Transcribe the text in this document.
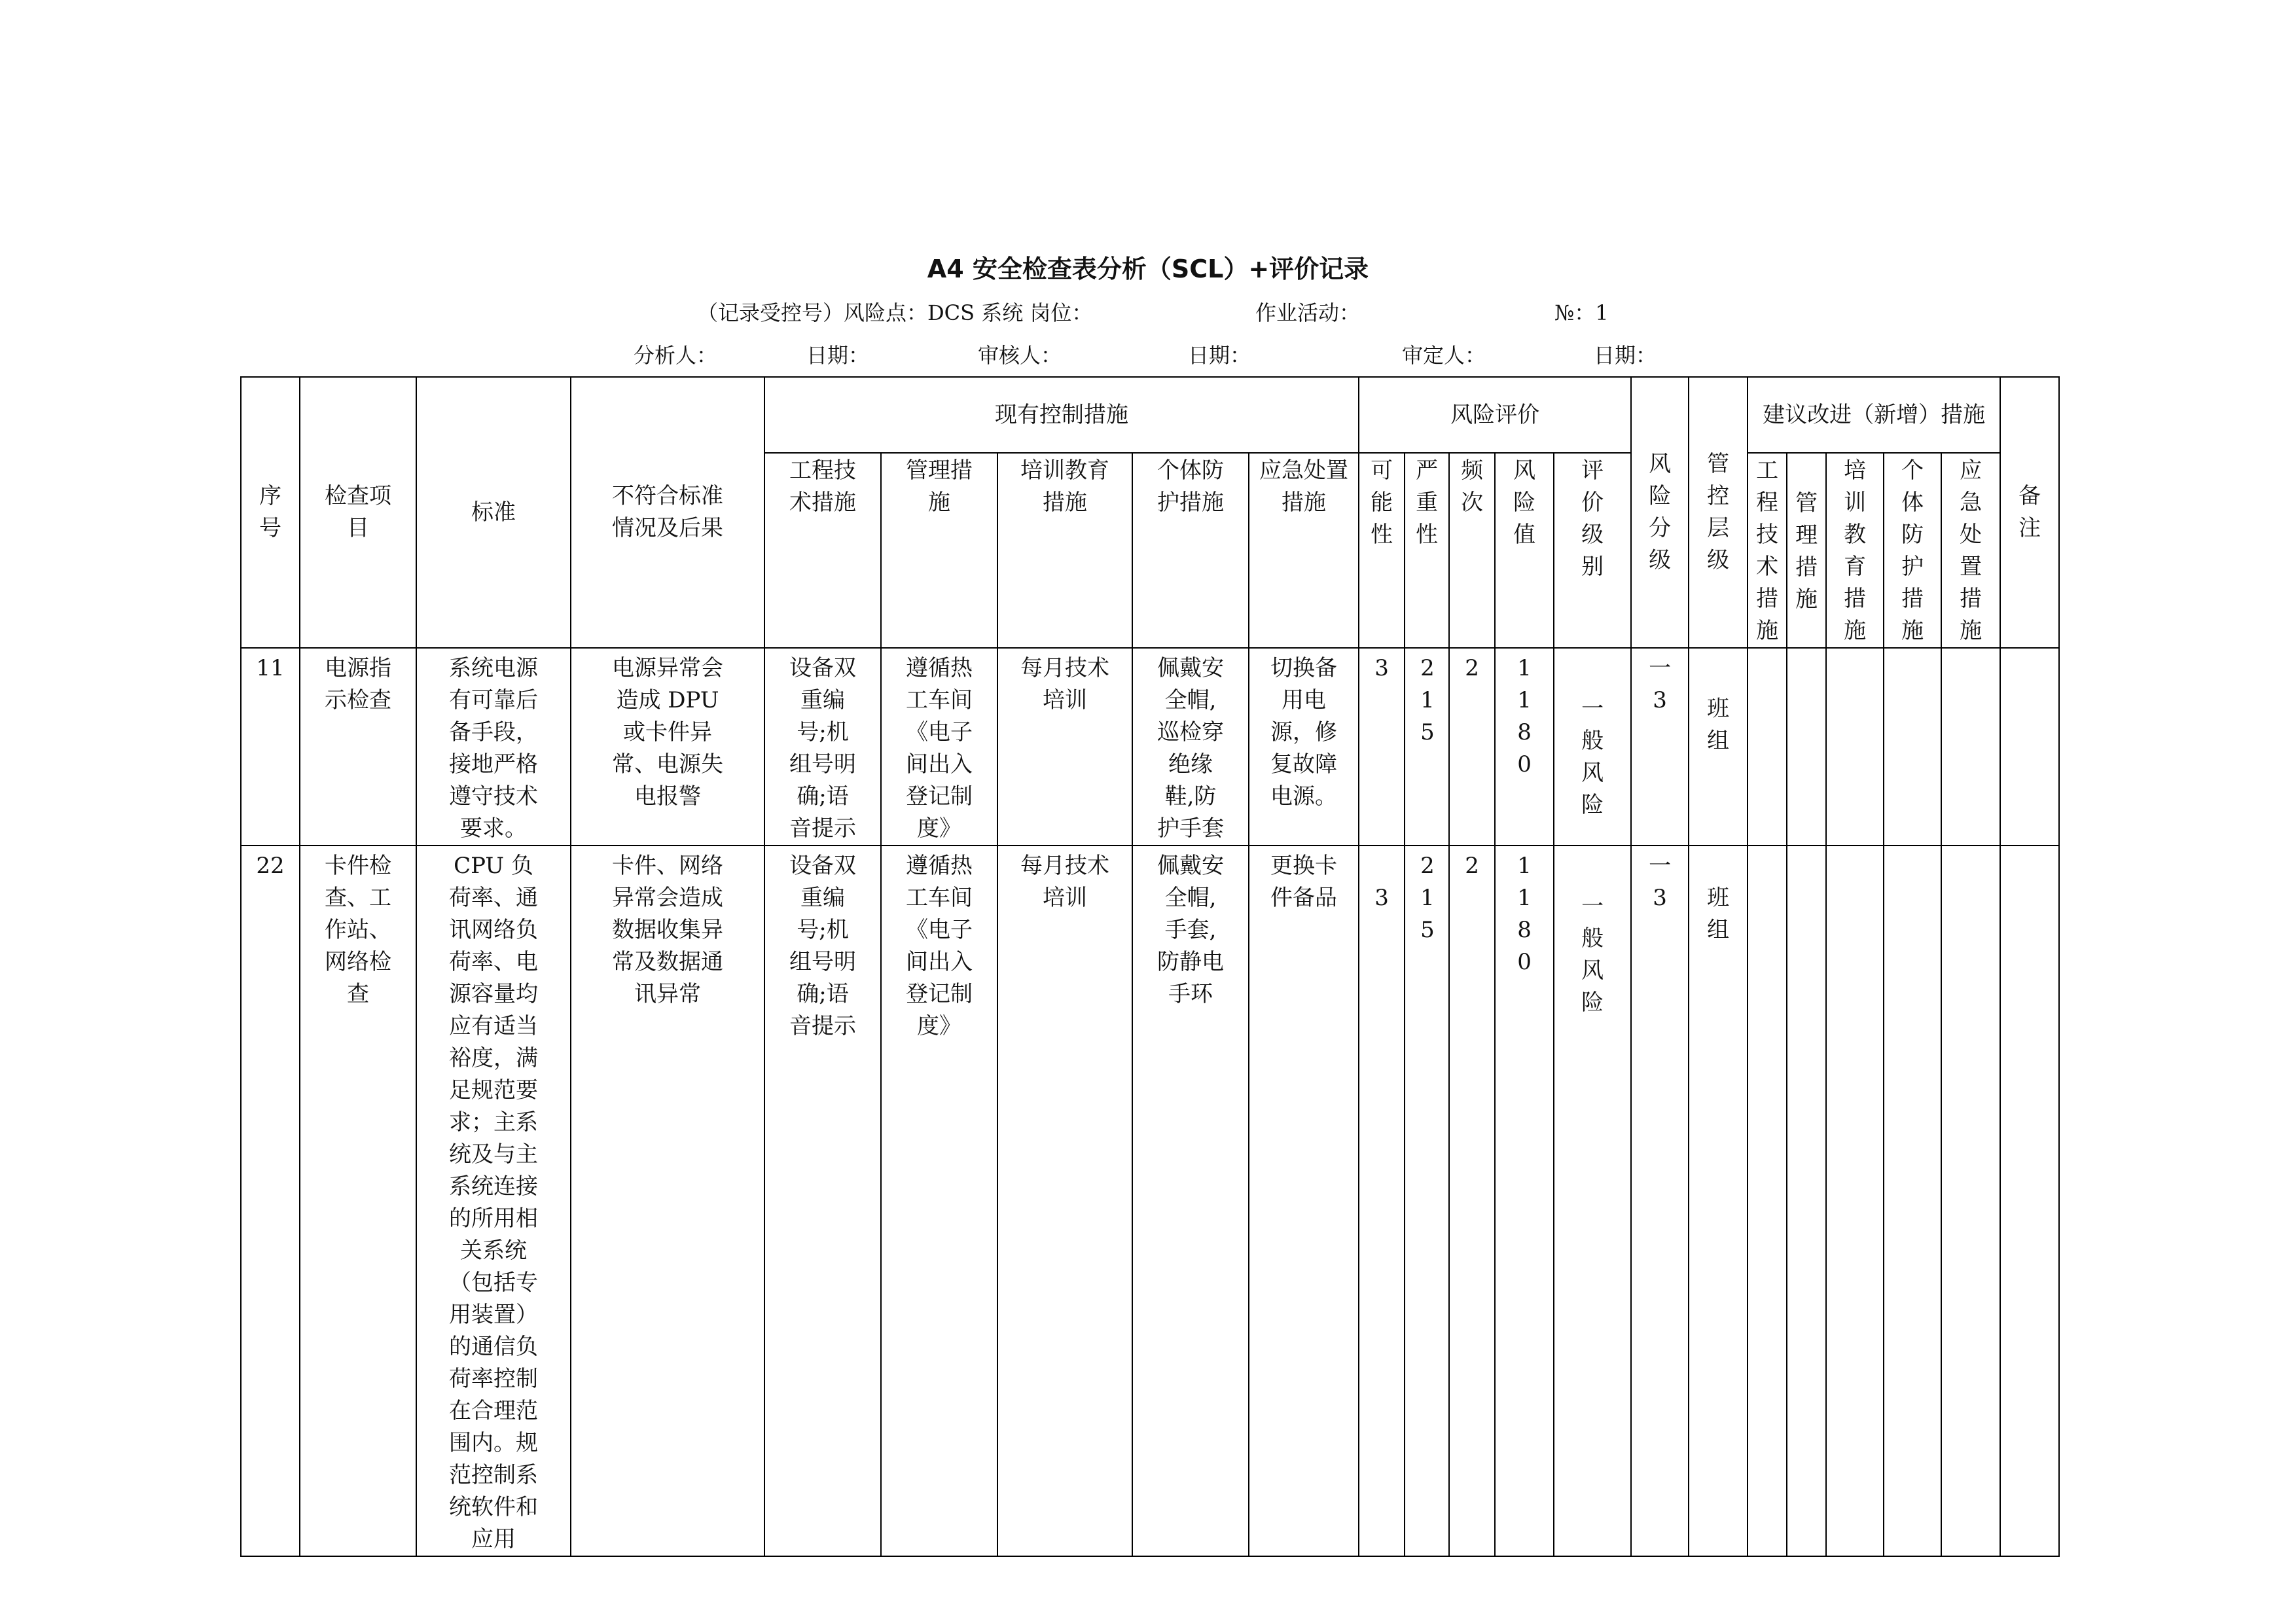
A4 安全检查表分析（SCL）+评价记录
（记录受控号）风险点：DCS 系统 岗位：	作业活动：	№：1
分析人：	日期：	审核人：	日期：	审定人：	日期：
序号	检查项目	标准	不符合标准情况及后果	现有控制措施					风险评价					风险分级	管控层级	建议改进（新增）措施					备注

				工程技术措施	管理措施	培训教育措施	个体防护措施	应急处置措施	可能性	严重性	频次	风险值	评价级别			工程技术措施	管理措施	培训教育措施	个体防护措施	应急处置措施	

11	电源指示检查	系统电源有可靠后备手段，接地严格遵守技术要求。	电源异常会造成 DPU 或卡件异常、电源失电报警	设备双重编号;机组号明确;语音提示	遵循热工车间《电子间出入登记制度》	每月技术培训	佩戴安全帽,巡检穿绝缘鞋,防护手套	切换备用电源，修复故障电源。	3	215	2	1180	一般风险	一3	班组						

22	卡件检查、工作站、网络检查	CPU 负荷率、通讯网络负荷率、电源容量均应有适当裕度，满足规范要求；主系统及与主系统连接的所用相关系统（包括专用装置）的通信负荷率控制在合理范围内。规范控制系统软件和应用	卡件、网络异常会造成数据收集异常及数据通讯异常	设备双重编号;机组号明确;语音提示	遵循热工车间《电子间出入登记制度》	每月技术培训	佩戴安全帽,手套,防静电手环	更换卡件备品	3	215	2	1180	一般风险	一3	班组						
